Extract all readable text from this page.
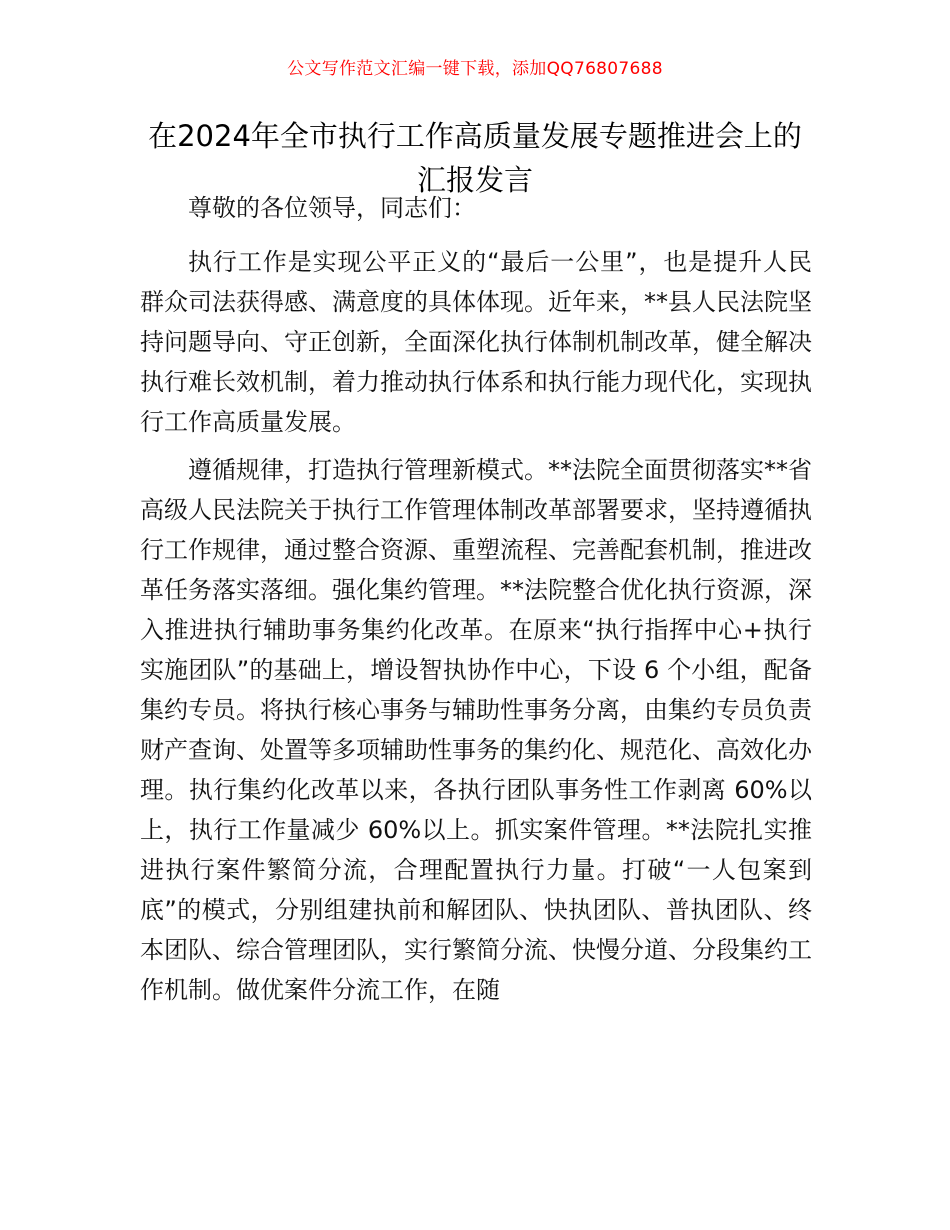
公文写作范文汇编一键下载，添加QQ76807688
在2024年全市执行工作高质量发展专题推进会上的汇报发言

尊敬的各位领导，同志们：

执行工作是实现公平正义的“最后一公里”，也是提升人民群众司法获得感、满意度的具体体现。近年来，**县人民法院坚持问题导向、守正创新，全面深化执行体制机制改革，健全解决执行难长效机制，着力推动执行体系和执行能力现代化，实现执行工作高质量发展。

遵循规律，打造执行管理新模式。**法院全面贯彻落实**省高级人民法院关于执行工作管理体制改革部署要求，坚持遵循执行工作规律，通过整合资源、重塑流程、完善配套机制，推进改革任务落实落细。强化集约管理。**法院整合优化执行资源，深入推进执行辅助事务集约化改革。在原来“执行指挥中心+执行实施团队”的基础上，增设智执协作中心，下设 6 个小组，配备集约专员。将执行核心事务与辅助性事务分离，由集约专员负责财产查询、处置等多项辅助性事务的集约化、规范化、高效化办理。执行集约化改革以来，各执行团队事务性工作剥离 60%以上，执行工作量减少 60%以上。抓实案件管理。**法院扎实推进执行案件繁简分流，合理配置执行力量。打破“一人包案到底”的模式，分别组建执前和解团队、快执团队、普执团队、终本团队、综合管理团队，实行繁简分流、快慢分道、分段集约工作机制。做优案件分流工作，在随
